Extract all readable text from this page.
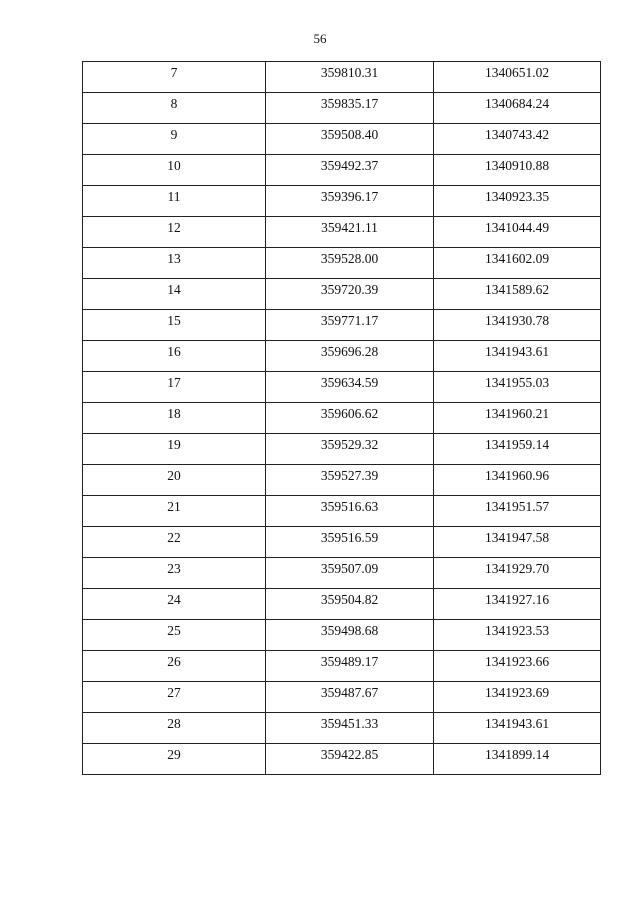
56
7	359810.31	1340651.02
8	359835.17	1340684.24
9	359508.40	1340743.42
10	359492.37	1340910.88
11	359396.17	1340923.35
12	359421.11	1341044.49
13	359528.00	1341602.09
14	359720.39	1341589.62
15	359771.17	1341930.78
16	359696.28	1341943.61
17	359634.59	1341955.03
18	359606.62	1341960.21
19	359529.32	1341959.14
20	359527.39	1341960.96
21	359516.63	1341951.57
22	359516.59	1341947.58
23	359507.09	1341929.70
24	359504.82	1341927.16
25	359498.68	1341923.53
26	359489.17	1341923.66
27	359487.67	1341923.69
28	359451.33	1341943.61
29	359422.85	1341899.14
